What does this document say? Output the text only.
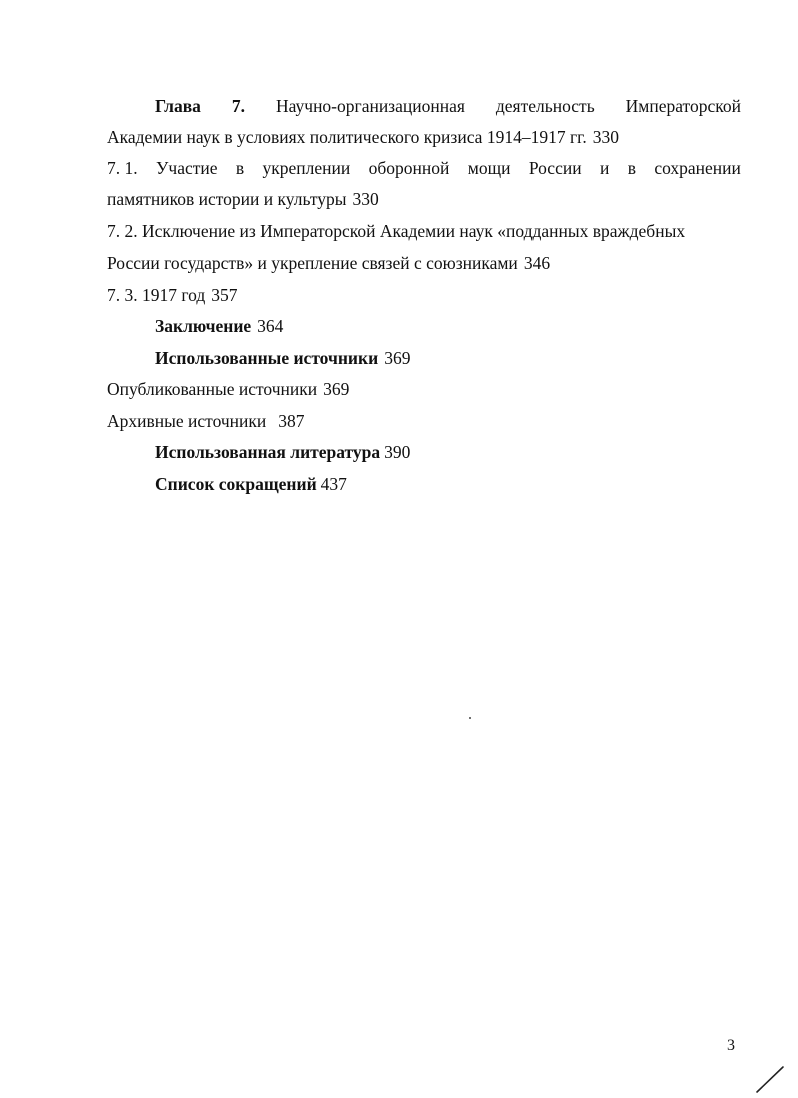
Глава 7. Научно-организационная деятельность Императорской
Академии наук в условиях политического кризиса 1914–1917 гг. 330
7. 1. Участие в укреплении оборонной мощи России и в сохранении
памятников истории и культуры 330
7. 2. Исключение из Императорской Академии наук «подданных враждебных
России государств» и укрепление связей с союзниками 346
7. 3. 1917 год 357
Заключение 364
Использованные источники 369
Опубликованные источники 369
Архивные источники 387
Использованная литература 390
Список сокращений 437
3
